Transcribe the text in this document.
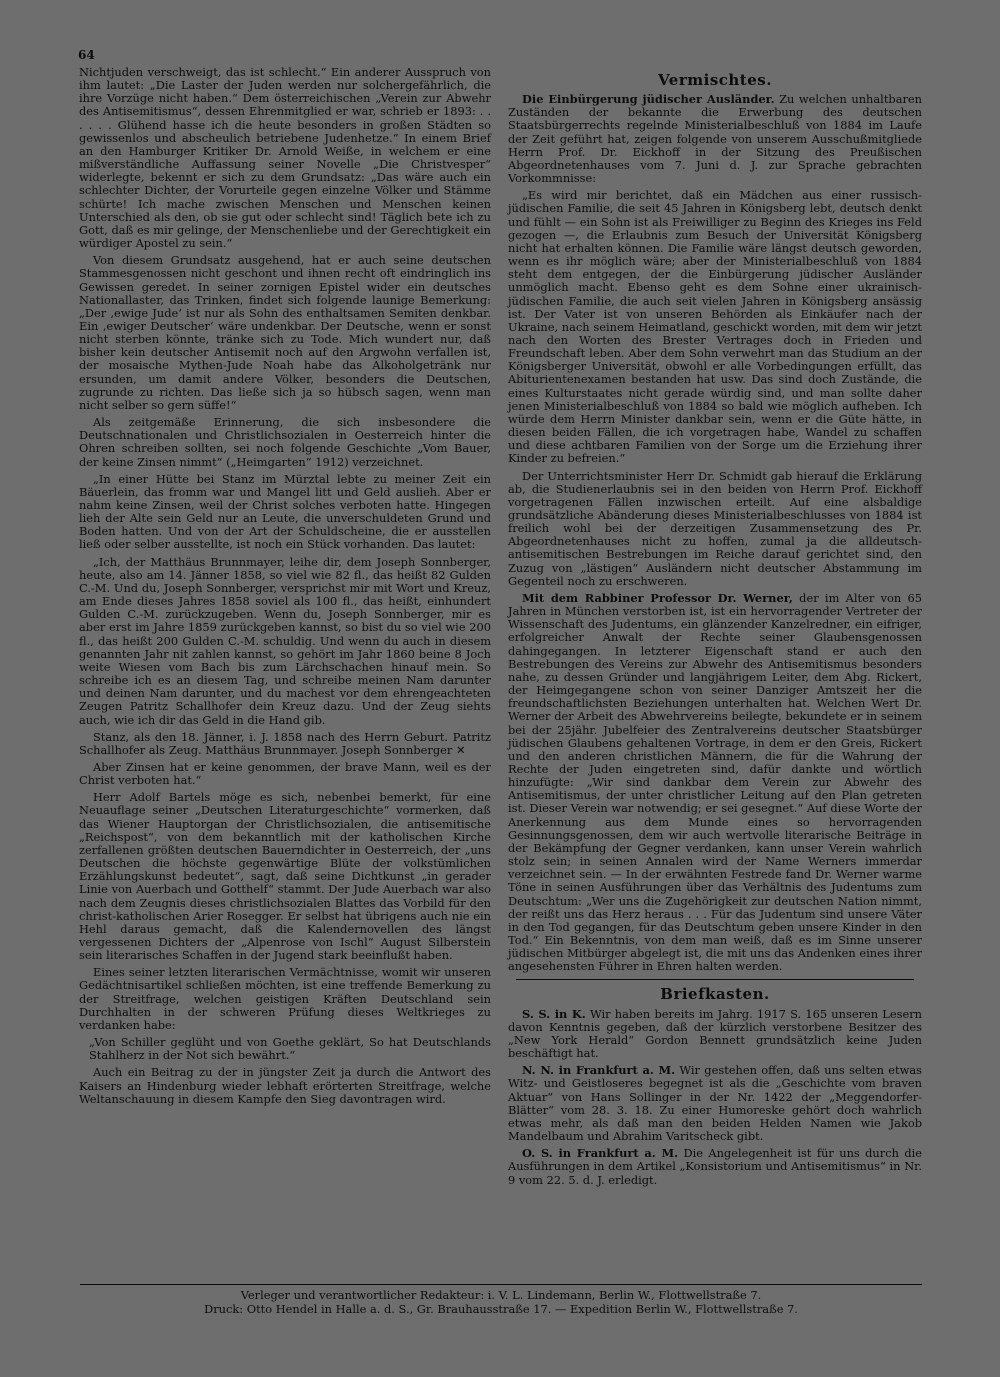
64

Nichtjuden verschweigt, das ist schlecht.“ Ein anderer Ausspruch von ihm lautet: „Die Laster der Juden werden nur solchergefährlich, die ihre Vorzüge nicht haben.“ Dem österreichischen „Verein zur Abwehr des Antisemitismus“, dessen Ehrenmitglied er war, schrieb er 1893: . . . . . . Glühend hasse ich die heute besonders in großen Städten so gewissenlos und abscheulich betriebene Judenhetze.“ In einem Brief an den Hamburger Kritiker Dr. Arnold Weiße, in welchem er eine mißverständliche Auffassung seiner Novelle „Die Christvesper“ widerlegte, bekennt er sich zu dem Grundsatz: „Das wäre auch ein schlechter Dichter, der Vorurteile gegen einzelne Völker und Stämme schürte! Ich mache zwischen Menschen und Menschen keinen Unterschied als den, ob sie gut oder schlecht sind! Täglich bete ich zu Gott, daß es mir gelinge, der Menschenliebe und der Gerechtigkeit ein würdiger Apostel zu sein.“

Von diesem Grundsatz ausgehend, hat er auch seine deutschen Stammesgenossen nicht geschont und ihnen recht oft eindringlich ins Gewissen geredet. In seiner zornigen Epistel wider ein deutsches Nationallaster, das Trinken, findet sich folgende launige Bemerkung: „Der ‚ewige Jude‘ ist nur als Sohn des enthaltsamen Semiten denkbar. Ein ‚ewiger Deutscher‘ wäre undenkbar. Der Deutsche, wenn er sonst nicht sterben könnte, tränke sich zu Tode. Mich wundert nur, daß bisher kein deutscher Antisemit noch auf den Argwohn verfallen ist, der mosaische Mythen-Jude Noah habe das Alkoholgetränk nur ersunden, um damit andere Völker, besonders die Deutschen, zugrunde zu richten. Das ließe sich ja so hübsch sagen, wenn man nicht selber so gern süffe!“

Als zeitgemäße Erinnerung, die sich insbesondere die Deutschnationalen und Christlichsozialen in Oesterreich hinter die Ohren schreiben sollten, sei noch folgende Geschichte „Vom Bauer, der keine Zinsen nimmt“ („Heimgarten“ 1912) verzeichnet.

„In einer Hütte bei Stanz im Mürztal lebte zu meiner Zeit ein Bäuerlein, das fromm war und Mangel litt und Geld auslieh. Aber er nahm keine Zinsen, weil der Christ solches verboten hatte. Hingegen lieh der Alte sein Geld nur an Leute, die unverschuldeten Grund und Boden hatten. Und von der Art der Schuldscheine, die er ausstellen ließ oder selber ausstellte, ist noch ein Stück vorhanden. Das lautet:

„Ich, der Matthäus Brunnmayer, leihe dir, dem Joseph Sonnberger, heute, also am 14. Jänner 1858, so viel wie 82 fl., das heißt 82 Gulden C.-M. Und du, Joseph Sonnberger, versprichst mir mit Wort und Kreuz, am Ende dieses Jahres 1858 soviel als 100 fl., das heißt, einhundert Gulden C.-M. zurückzugeben. Wenn du, Joseph Sonnberger, mir es aber erst im Jahre 1859 zurückgeben kannst, so bist du so viel wie 200 fl., das heißt 200 Gulden C.-M. schuldig. Und wenn du auch in diesem genannten Jahr nit zahlen kannst, so gehört im Jahr 1860 beine 8 Joch weite Wiesen vom Bach bis zum Lärchschachen hinauf mein. So schreibe ich es an diesem Tag, und schreibe meinen Nam darunter und deinen Nam darunter, und du machest vor dem ehrengeachteten Zeugen Patritz Schallhofer dein Kreuz dazu. Und der Zeug siehts auch, wie ich dir das Geld in die Hand gib.

Stanz, als den 18. Jänner, i. J. 1858 nach des Herrn Geburt. Patritz Schallhofer als Zeug. Matthäus Brunnmayer. Joseph Sonnberger ✕

Aber Zinsen hat er keine genommen, der brave Mann, weil es der Christ verboten hat.“

Herr Adolf Bartels möge es sich, nebenbei bemerkt, für eine Neuauflage seiner „Deutschen Literaturgeschichte“ vormerken, daß das Wiener Hauptorgan der Christlichsozialen, die antisemitische „Reichspost“, von dem bekanntlich mit der katholischen Kirche zerfallenen größten deutschen Bauerndichter in Oesterreich, der „uns Deutschen die höchste gegenwärtige Blüte der volkstümlichen Erzählungskunst bedeutet“, sagt, daß seine Dichtkunst „in gerader Linie von Auerbach und Gotthelf“ stammt. Der Jude Auerbach war also nach dem Zeugnis dieses christlichsozialen Blattes das Vorbild für den christ-katholischen Arier Rosegger. Er selbst hat übrigens auch nie ein Hehl daraus gemacht, daß die Kalendernovellen des längst vergessenen Dichters der „Alpenrose von Ischl“ August Silberstein sein literarisches Schaffen in der Jugend stark beeinflußt haben.

Eines seiner letzten literarischen Vermächtnisse, womit wir unseren Gedächtnisartikel schließen möchten, ist eine treffende Bemerkung zu der Streitfrage, welchen geistigen Kräften Deutschland sein Durchhalten in der schweren Prüfung dieses Weltkrieges zu verdanken habe:

„Von Schiller geglüht und von Goethe geklärt, So hat Deutschlands Stahlherz in der Not sich bewährt.“

Auch ein Beitrag zu der in jüngster Zeit ja durch die Antwort des Kaisers an Hindenburg wieder lebhaft erörterten Streitfrage, welche Weltanschauung in diesem Kampfe den Sieg davontragen wird.

Vermischtes.

Die Einbürgerung jüdischer Ausländer. Zu welchen unhaltbaren Zuständen der bekannte die Erwerbung des deutschen Staatsbürgerrechts regelnde Ministerialbeschluß von 1884 im Laufe der Zeit geführt hat, zeigen folgende von unserem Ausschußmitgliede Herrn Prof. Dr. Eickhoff in der Sitzung des Preußischen Abgeordnetenhauses vom 7. Juni d. J. zur Sprache gebrachten Vorkommnisse:

„Es wird mir berichtet, daß ein Mädchen aus einer russisch-jüdischen Familie, die seit 45 Jahren in Königsberg lebt, deutsch denkt und fühlt — ein Sohn ist als Freiwilliger zu Beginn des Krieges ins Feld gezogen —, die Erlaubnis zum Besuch der Universität Königsberg nicht hat erhalten können. Die Familie wäre längst deutsch geworden, wenn es ihr möglich wäre; aber der Ministerialbeschluß von 1884 steht dem entgegen, der die Einbürgerung jüdischer Ausländer unmöglich macht. Ebenso geht es dem Sohne einer ukrainisch-jüdischen Familie, die auch seit vielen Jahren in Königsberg ansässig ist. Der Vater ist von unseren Behörden als Einkäufer nach der Ukraine, nach seinem Heimatland, geschickt worden, mit dem wir jetzt nach den Worten des Brester Vertrages doch in Frieden und Freundschaft leben. Aber dem Sohn verwehrt man das Studium an der Königsberger Universität, obwohl er alle Vorbedingungen erfüllt, das Abiturientenexamen bestanden hat usw. Das sind doch Zustände, die eines Kulturstaates nicht gerade würdig sind, und man sollte daher jenen Ministerialbeschluß von 1884 so bald wie möglich aufheben. Ich würde dem Herrn Minister dankbar sein, wenn er die Güte hätte, in diesen beiden Fällen, die ich vorgetragen habe, Wandel zu schaffen und diese achtbaren Familien von der Sorge um die Erziehung ihrer Kinder zu befreien.“

Der Unterrichtsminister Herr Dr. Schmidt gab hierauf die Erklärung ab, die Studienerlaubnis sei in den beiden von Herrn Prof. Eickhoff vorgetragenen Fällen inzwischen erteilt. Auf eine alsbaldige grundsätzliche Abänderung dieses Ministerialbeschlusses von 1884 ist freilich wohl bei der derzeitigen Zusammensetzung des Pr. Abgeordnetenhauses nicht zu hoffen, zumal ja die alldeutsch-antisemitischen Bestrebungen im Reiche darauf gerichtet sind, den Zuzug von „lästigen“ Ausländern nicht deutscher Abstammung im Gegenteil noch zu erschweren.

Mit dem Rabbiner Professor Dr. Werner, der im Alter von 65 Jahren in München verstorben ist, ist ein hervorragender Vertreter der Wissenschaft des Judentums, ein glänzender Kanzelredner, ein eifriger, erfolgreicher Anwalt der Rechte seiner Glaubensgenossen dahingegangen. In letzterer Eigenschaft stand er auch den Bestrebungen des Vereins zur Abwehr des Antisemitismus besonders nahe, zu dessen Gründer und langjährigem Leiter, dem Abg. Rickert, der Heimgegangene schon von seiner Danziger Amtszeit her die freundschaftlichsten Beziehungen unterhalten hat. Welchen Wert Dr. Werner der Arbeit des Abwehrvereins beilegte, bekundete er in seinem bei der 25jähr. Jubelfeier des Zentralvereins deutscher Staatsbürger jüdischen Glaubens gehaltenen Vortrage, in dem er den Greis, Rickert und den anderen christlichen Männern, die für die Wahrung der Rechte der Juden eingetreten sind, dafür dankte und wörtlich hinzufügte: „Wir sind dankbar dem Verein zur Abwehr des Antisemitismus, der unter christlicher Leitung auf den Plan getreten ist. Dieser Verein war notwendig; er sei gesegnet.“ Auf diese Worte der Anerkennung aus dem Munde eines so hervorragenden Gesinnungsgenossen, dem wir auch wertvolle literarische Beiträge in der Bekämpfung der Gegner verdanken, kann unser Verein wahrlich stolz sein; in seinen Annalen wird der Name Werners immerdar verzeichnet sein. — In der erwähnten Festrede fand Dr. Werner warme Töne in seinen Ausführungen über das Verhältnis des Judentums zum Deutschtum: „Wer uns die Zugehörigkeit zur deutschen Nation nimmt, der reißt uns das Herz heraus . . . Für das Judentum sind unsere Väter in den Tod gegangen, für das Deutschtum geben unsere Kinder in den Tod.“ Ein Bekenntnis, von dem man weiß, daß es im Sinne unserer jüdischen Mitbürger abgelegt ist, die mit uns das Andenken eines ihrer angesehensten Führer in Ehren halten werden.

Briefkasten.

S. S. in K. Wir haben bereits im Jahrg. 1917 S. 165 unseren Lesern davon Kenntnis gegeben, daß der kürzlich verstorbene Besitzer des „New York Herald“ Gordon Bennett grundsätzlich keine Juden beschäftigt hat.

N. N. in Frankfurt a. M. Wir gestehen offen, daß uns selten etwas Witz- und Geistloseres begegnet ist als die „Geschichte vom braven Aktuar“ von Hans Sollinger in der Nr. 1422 der „Meggendorfer-Blätter“ vom 28. 3. 18. Zu einer Humoreske gehört doch wahrlich etwas mehr, als daß man den beiden Helden Namen wie Jakob Mandelbaum und Abrahim Varitscheck gibt.

O. S. in Frankfurt a. M. Die Angelegenheit ist für uns durch die Ausführungen in dem Artikel „Konsistorium und Antisemitismus“ in Nr. 9 vom 22. 5. d. J. erledigt.

Verleger und verantwortlicher Redakteur: i. V. L. Lindemann, Berlin W., Flottwellstraße 7.
Druck: Otto Hendel in Halle a. d. S., Gr. Brauhausstraße 17. — Expedition Berlin W., Flottwellstraße 7.
